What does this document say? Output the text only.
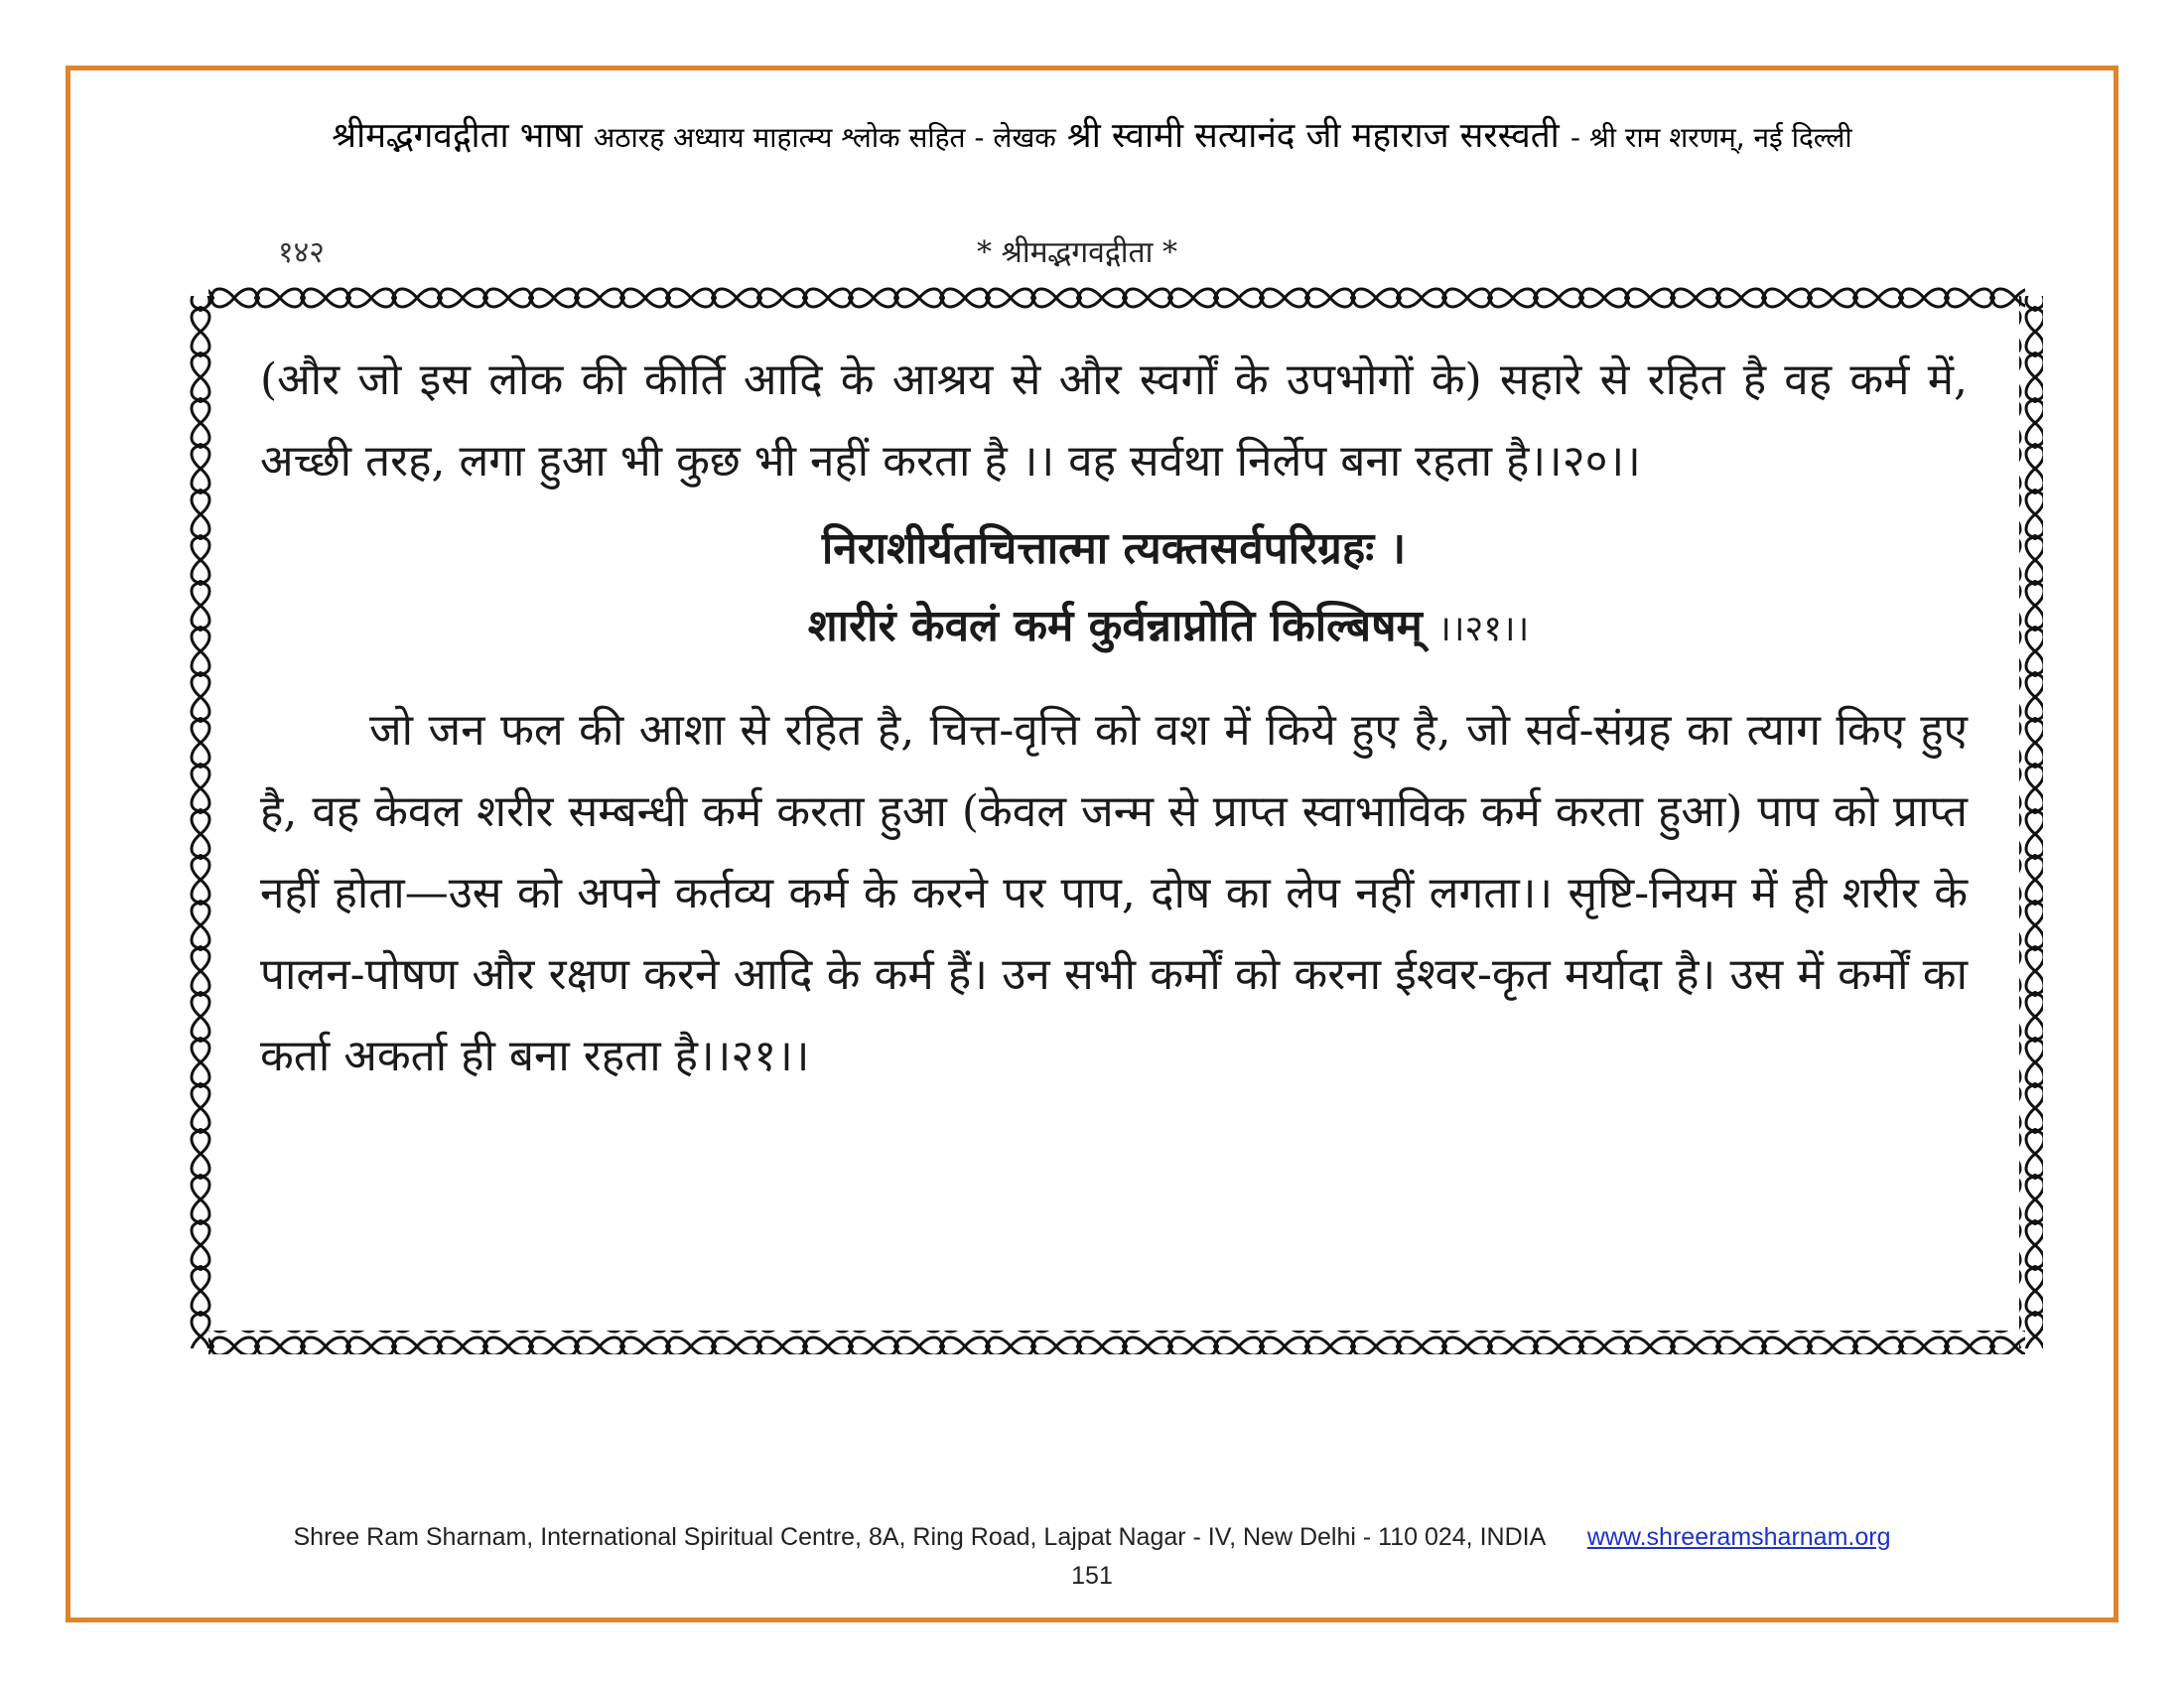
श्रीमद्भगवद्गीता भाषा अठारह अध्याय माहात्म्य श्लोक सहित - लेखक श्री स्वामी सत्यानंद जी महाराज सरस्वती - श्री राम शरणम्, नई दिल्ली
१४२	* श्रीमद्भगवद्गीता *

(और जो इस लोक की कीर्ति आदि के आश्रय से और स्वर्गों के उपभोगों के) सहारे से रहित है वह कर्म में, अच्छी तरह, लगा हुआ भी कुछ भी नहीं करता है ।। वह सर्वथा निर्लेप बना रहता है।।२०।।

निराशीर्यतचित्तात्मा त्यक्तसर्वपरिग्रहः ।
शारीरं केवलं कर्म कुर्वन्नाप्नोति किल्बिषम् ।।२१।।

जो जन फल की आशा से रहित है, चित्त-वृत्ति को वश में किये हुए है, जो सर्व-संग्रह का त्याग किए हुए है, वह केवल शरीर सम्बन्धी कर्म करता हुआ (केवल जन्म से प्राप्त स्वाभाविक कर्म करता हुआ) पाप को प्राप्त नहीं होता—उस को अपने कर्तव्य कर्म के करने पर पाप, दोष का लेप नहीं लगता।। सृष्टि-नियम में ही शरीर के पालन-पोषण और रक्षण करने आदि के कर्म हैं। उन सभी कर्मों को करना ईश्वर-कृत मर्यादा है। उस में कर्मों का कर्ता अकर्ता ही बना रहता है।।२१।।

Shree Ram Sharnam, International Spiritual Centre, 8A, Ring Road, Lajpat Nagar - IV, New Delhi - 110 024, INDIA www.shreeramsharnam.org
151
